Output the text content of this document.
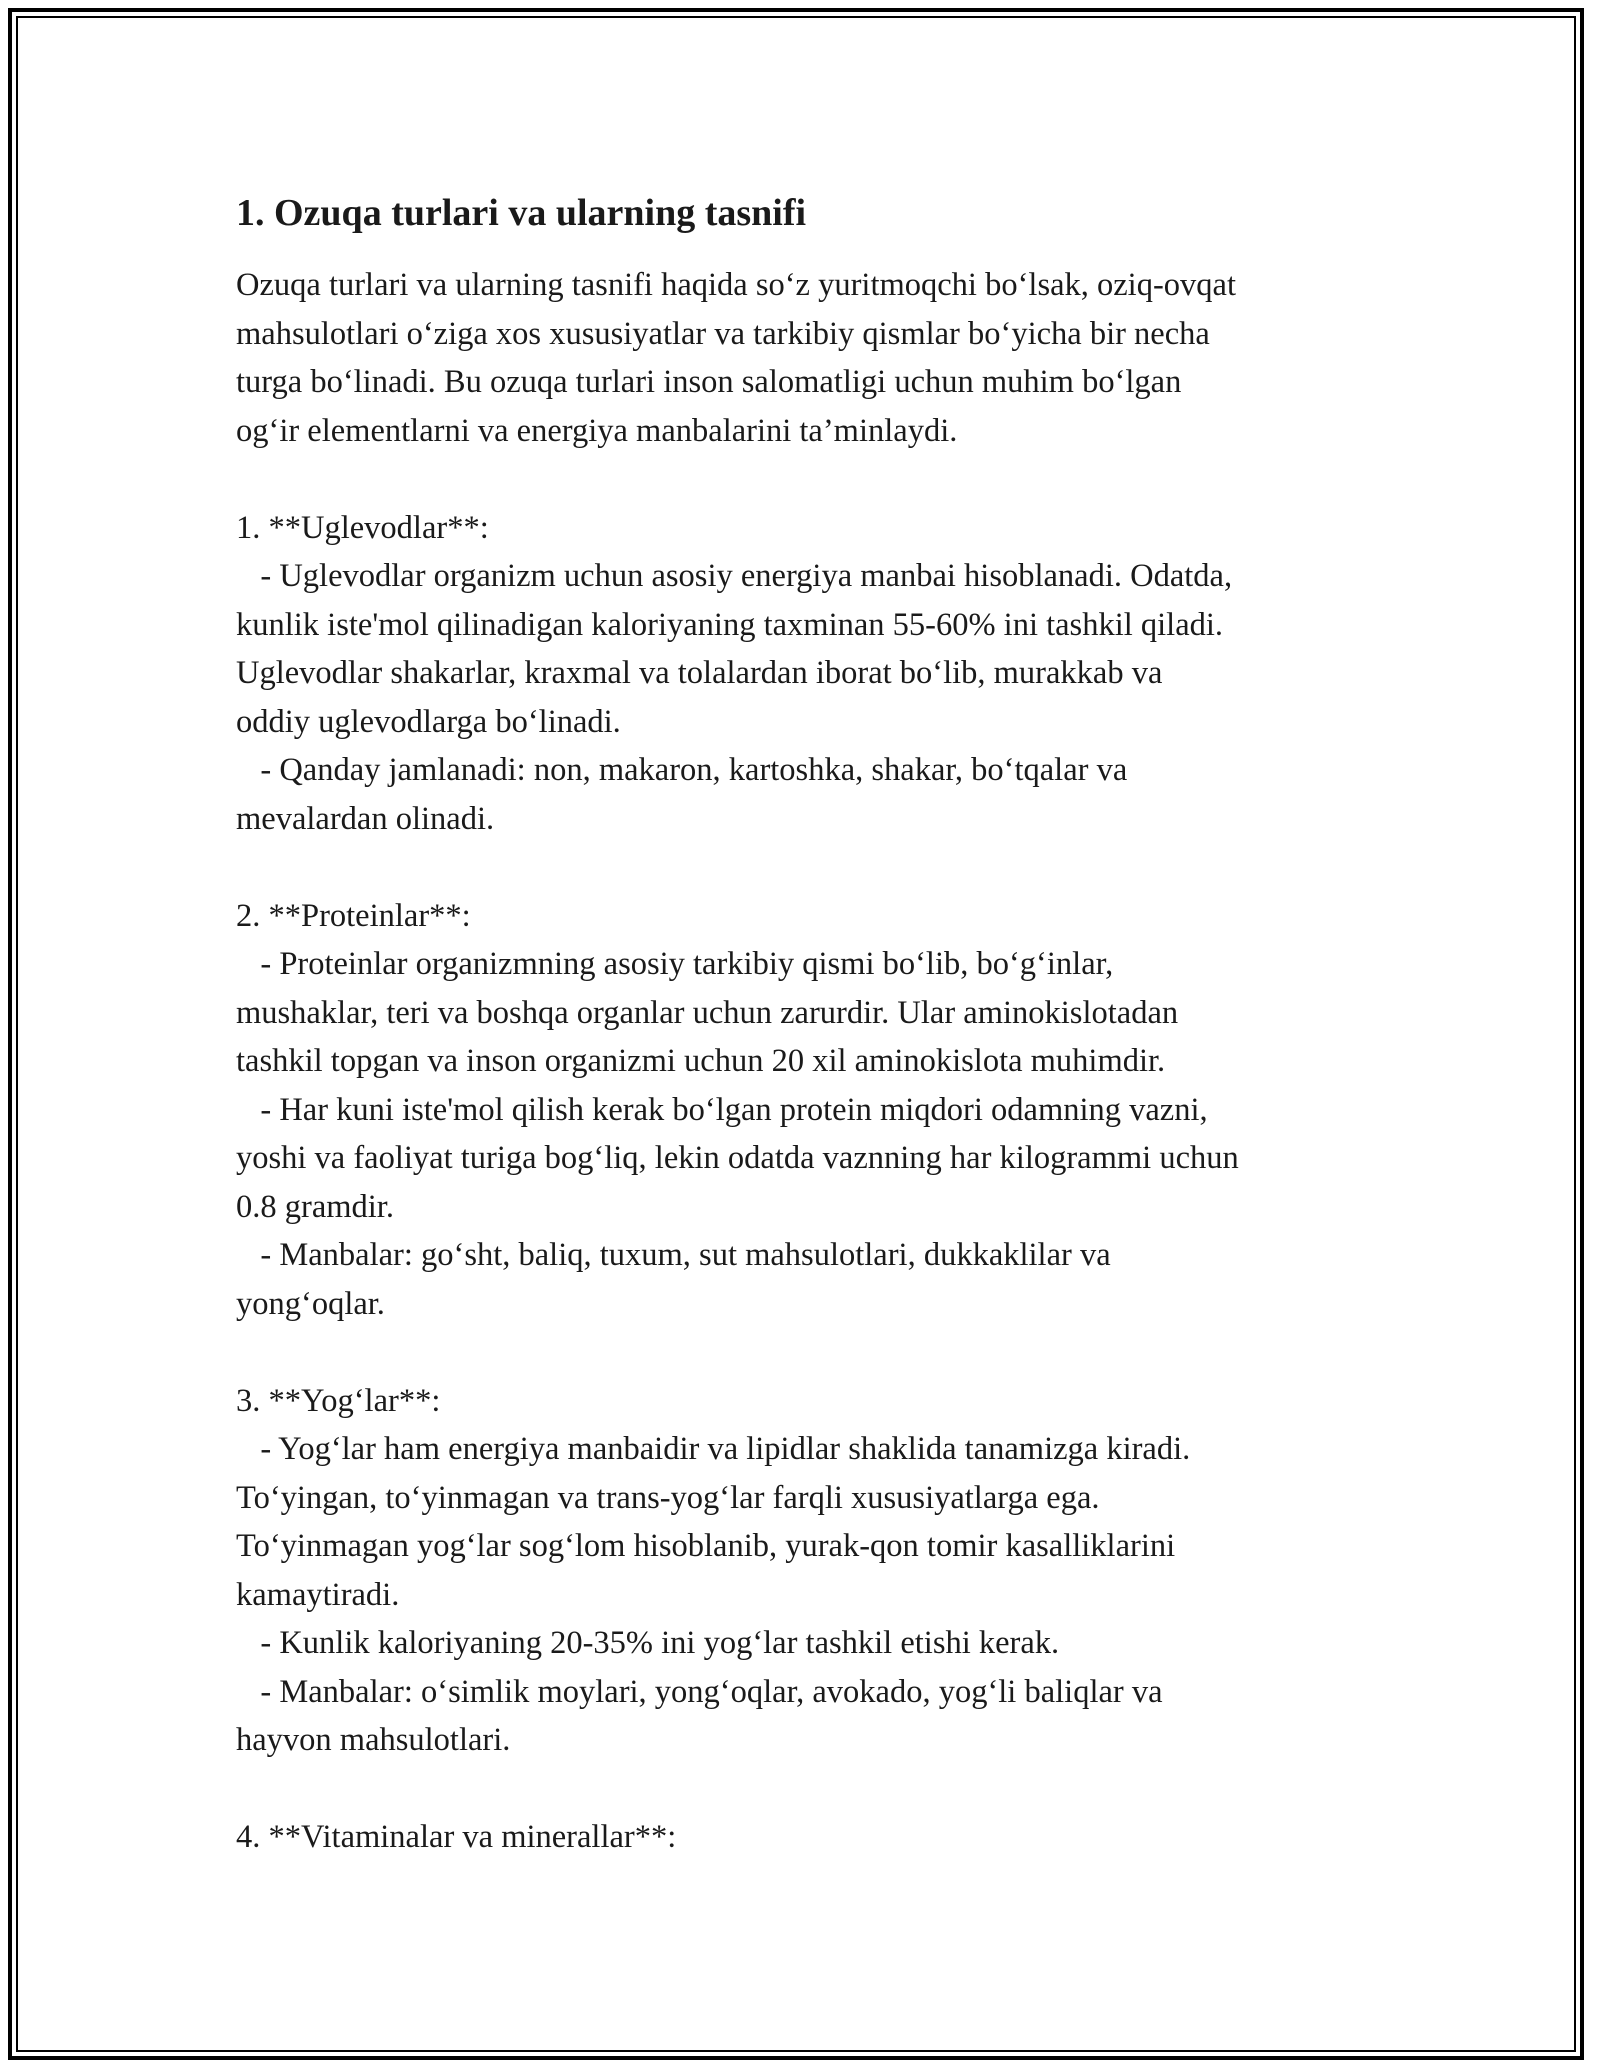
1. Ozuqa turlari va ularning tasnifi

Ozuqa turlari va ularning tasnifi haqida so‘z yuritmoqchi bo‘lsak, oziq-ovqat

mahsulotlari o‘ziga xos xususiyatlar va tarkibiy qismlar bo‘yicha bir necha

turga bo‘linadi. Bu ozuqa turlari inson salomatligi uchun muhim bo‘lgan

og‘ir elementlarni va energiya manbalarini ta’minlaydi.

1. **Uglevodlar**:

- Uglevodlar organizm uchun asosiy energiya manbai hisoblanadi. Odatda,

kunlik iste'mol qilinadigan kaloriyaning taxminan 55-60% ini tashkil qiladi.

Uglevodlar shakarlar, kraxmal va tolalardan iborat bo‘lib, murakkab va

oddiy uglevodlarga bo‘linadi.

- Qanday jamlanadi: non, makaron, kartoshka, shakar, bo‘tqalar va

mevalardan olinadi.

2. **Proteinlar**:

- Proteinlar organizmning asosiy tarkibiy qismi bo‘lib, bo‘g‘inlar,

mushaklar, teri va boshqa organlar uchun zarurdir. Ular aminokislotadan

tashkil topgan va inson organizmi uchun 20 xil aminokislota muhimdir.

- Har kuni iste'mol qilish kerak bo‘lgan protein miqdori odamning vazni,

yoshi va faoliyat turiga bog‘liq, lekin odatda vaznning har kilogrammi uchun

0.8 gramdir.

- Manbalar: go‘sht, baliq, tuxum, sut mahsulotlari, dukkaklilar va

yong‘oqlar.

3. **Yog‘lar**:

- Yog‘lar ham energiya manbaidir va lipidlar shaklida tanamizga kiradi.

To‘yingan, to‘yinmagan va trans-yog‘lar farqli xususiyatlarga ega.

To‘yinmagan yog‘lar sog‘lom hisoblanib, yurak-qon tomir kasalliklarini

kamaytiradi.

- Kunlik kaloriyaning 20-35% ini yog‘lar tashkil etishi kerak.

- Manbalar: o‘simlik moylari, yong‘oqlar, avokado, yog‘li baliqlar va

hayvon mahsulotlari.

4. **Vitaminalar va minerallar**:
